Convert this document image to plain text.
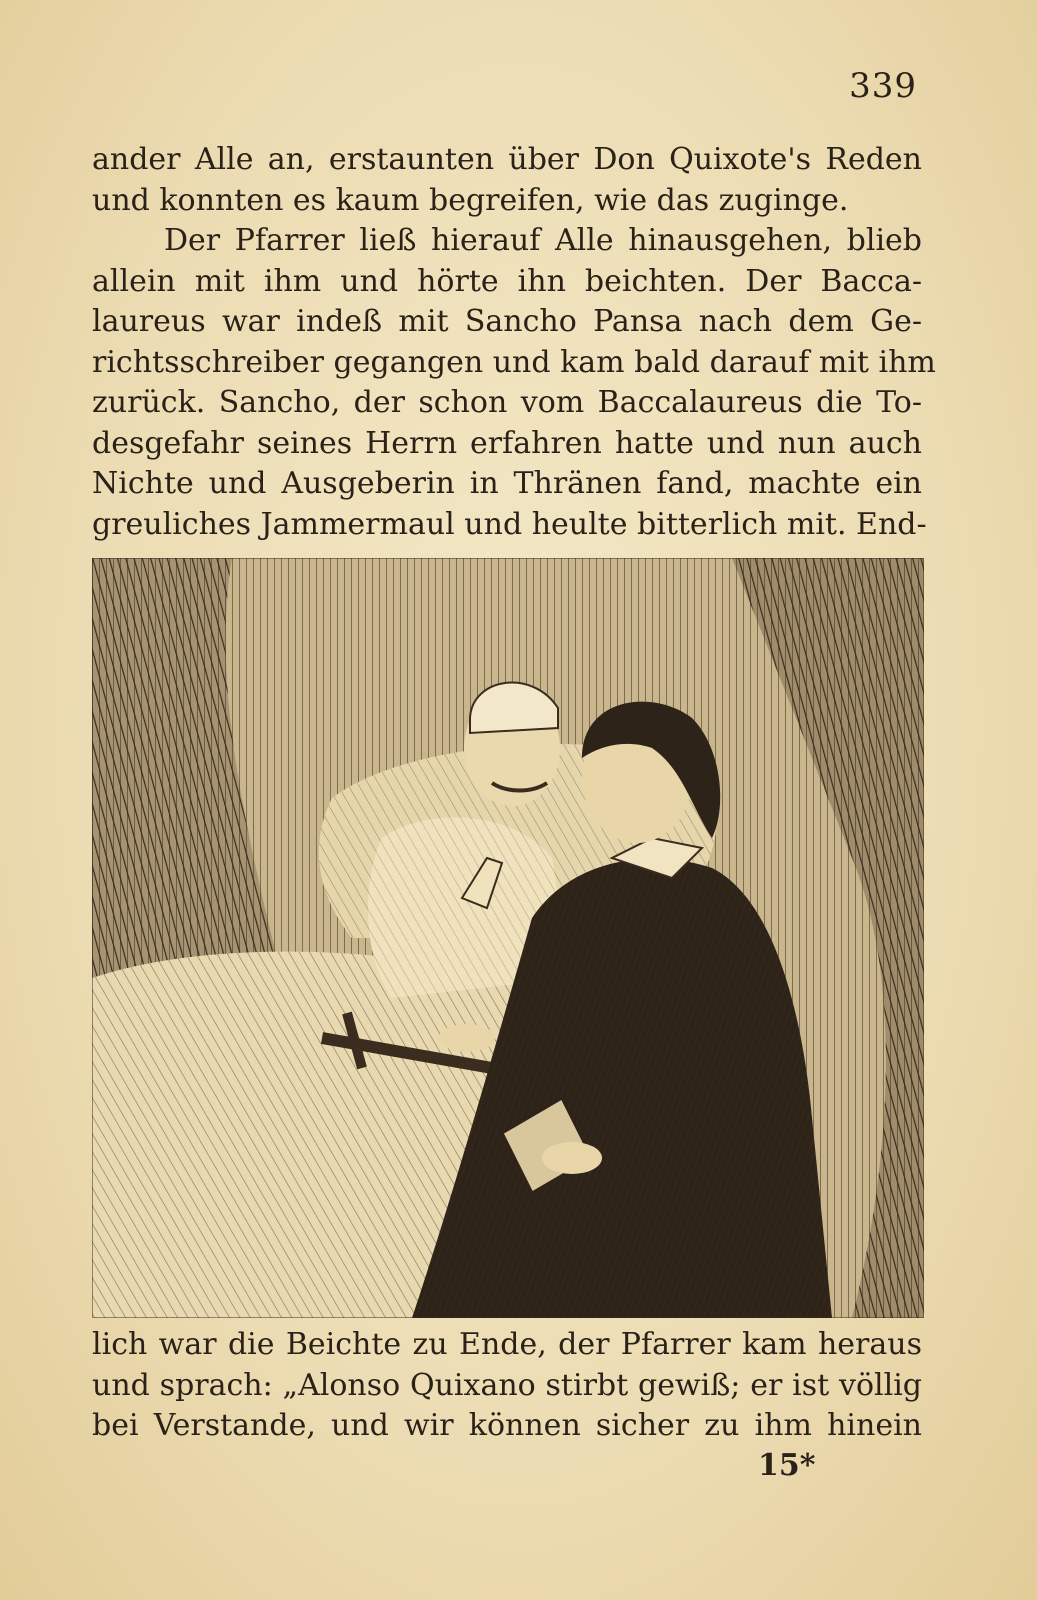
339
ander Alle an, erstaunten über Don Quixote's Reden
und konnten es kaum begreifen, wie das zuginge.
Der Pfarrer ließ hierauf Alle hinausgehen, blieb
allein mit ihm und hörte ihn beichten. Der Bacca-
laureus war indeß mit Sancho Pansa nach dem Ge-
richtsschreiber gegangen und kam bald darauf mit ihm
zurück. Sancho, der schon vom Baccalaureus die To-
desgefahr seines Herrn erfahren hatte und nun auch
Nichte und Ausgeberin in Thränen fand, machte ein
greuliches Jammermaul und heulte bitterlich mit. End-
lich war die Beichte zu Ende, der Pfarrer kam heraus
und sprach: „Alonso Quixano stirbt gewiß; er ist völlig
bei Verstande, und wir können sicher zu ihm hinein
15*
